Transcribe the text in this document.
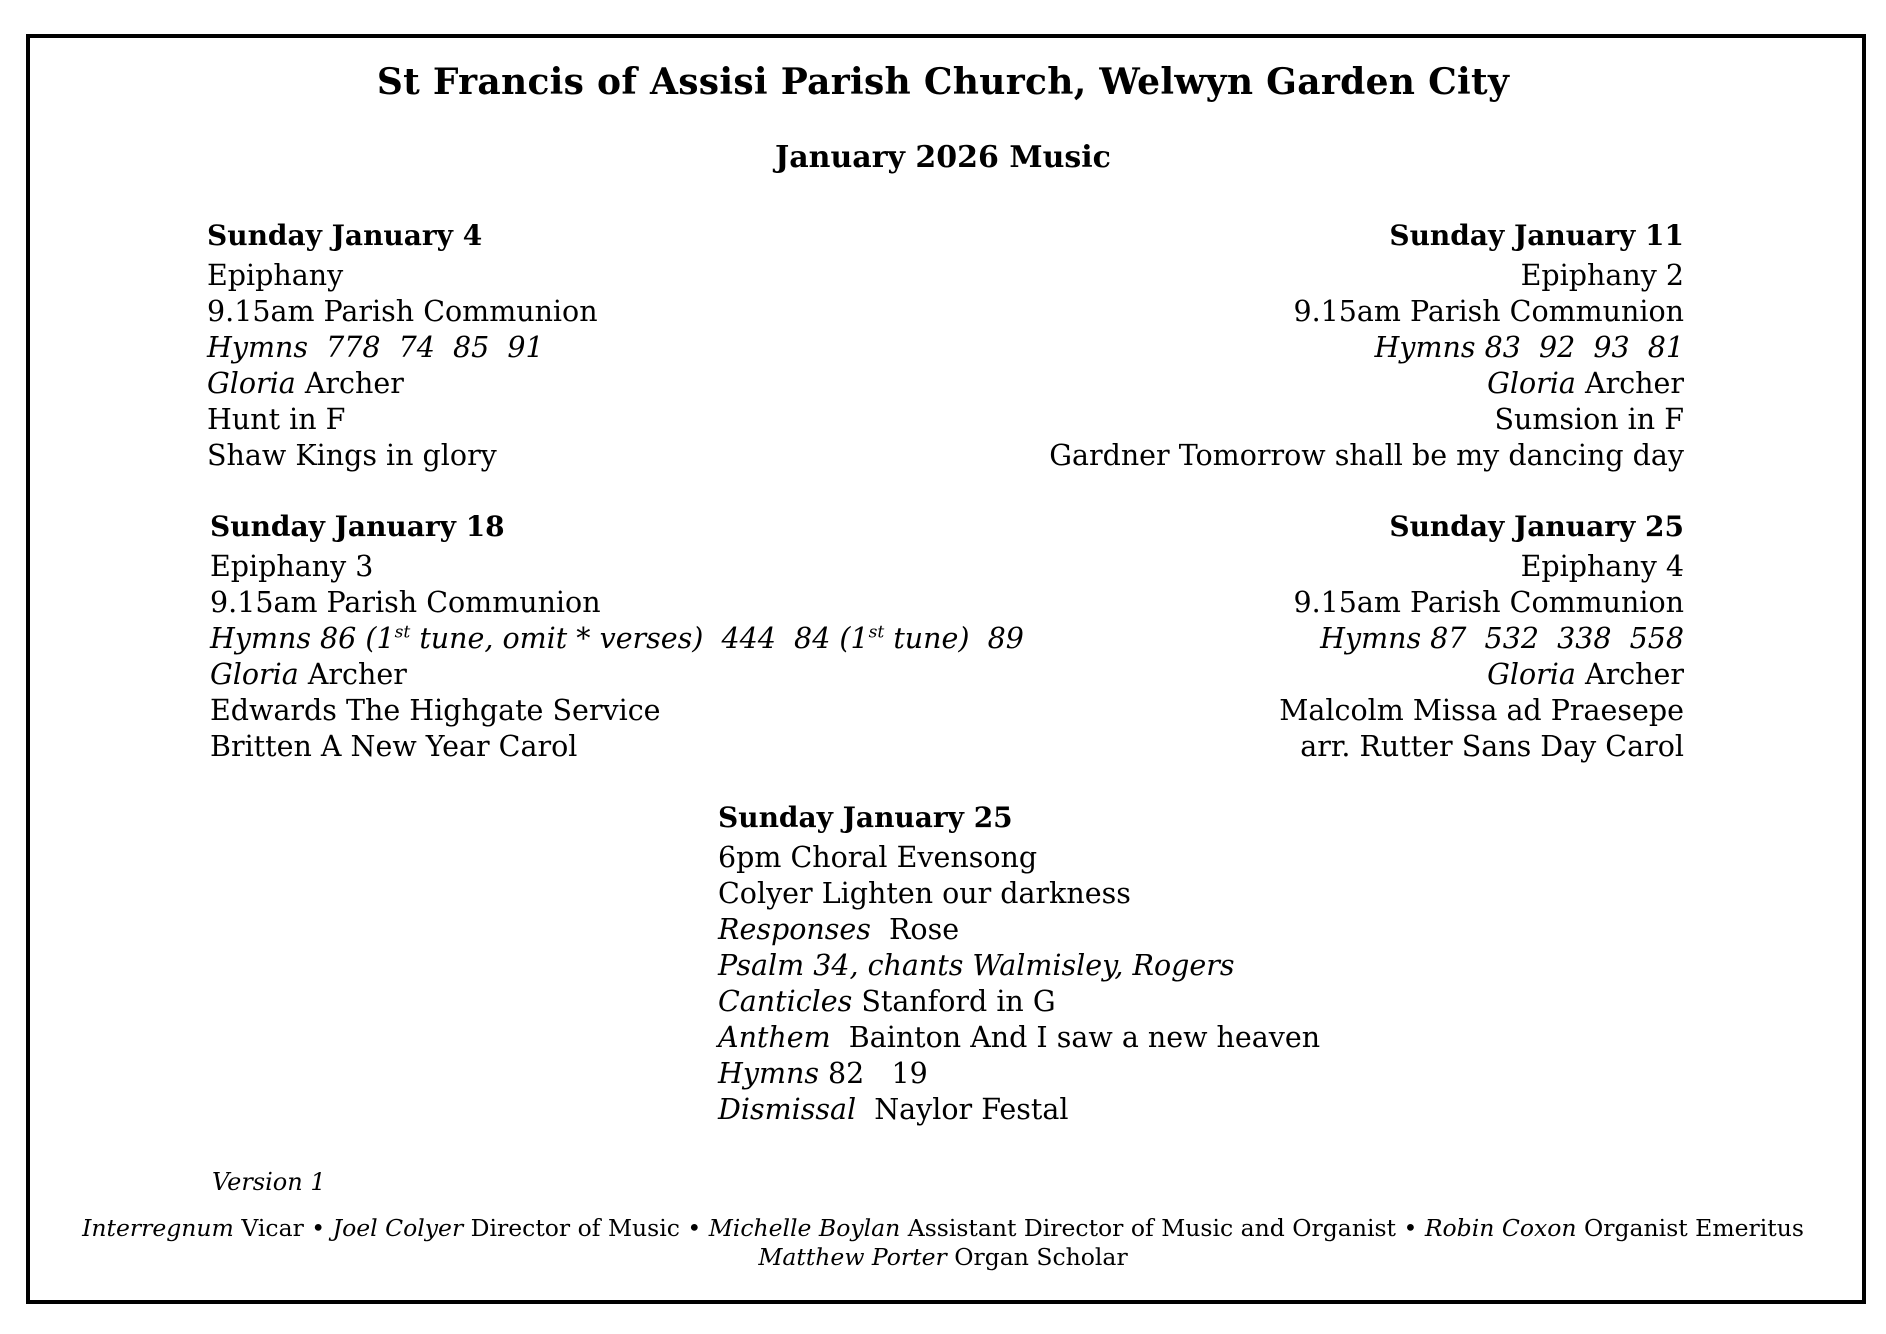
St Francis of Assisi Parish Church, Welwyn Garden City
January 2026 Music
Sunday January 4
Epiphany
9.15am Parish Communion
Hymns 778  74  85  91
Gloria Archer
Hunt in F
Shaw Kings in glory
Sunday January 11
Epiphany 2
9.15am Parish Communion
Hymns 83  92  93  81
Gloria Archer
Sumsion in F
Gardner Tomorrow shall be my dancing day
Sunday January 18
Epiphany 3
9.15am Parish Communion
Hymns 86 (1st tune, omit * verses)  444  84 (1st tune)  89
Gloria Archer
Edwards The Highgate Service
Britten A New Year Carol
Sunday January 25
Epiphany 4
9.15am Parish Communion
Hymns 87  532  338  558
Gloria Archer
Malcolm Missa ad Praesepe
arr. Rutter Sans Day Carol
Sunday January 25
6pm Choral Evensong
Colyer Lighten our darkness
Responses Rose
Psalm 34, chants Walmisley, Rogers
Canticles Stanford in G
Anthem Bainton And I saw a new heaven
Hymns 82   19
Dismissal Naylor Festal
Version 1
Interregnum Vicar • Joel Colyer Director of Music • Michelle Boylan Assistant Director of Music and Organist • Robin Coxon Organist Emeritus
Matthew Porter Organ Scholar
